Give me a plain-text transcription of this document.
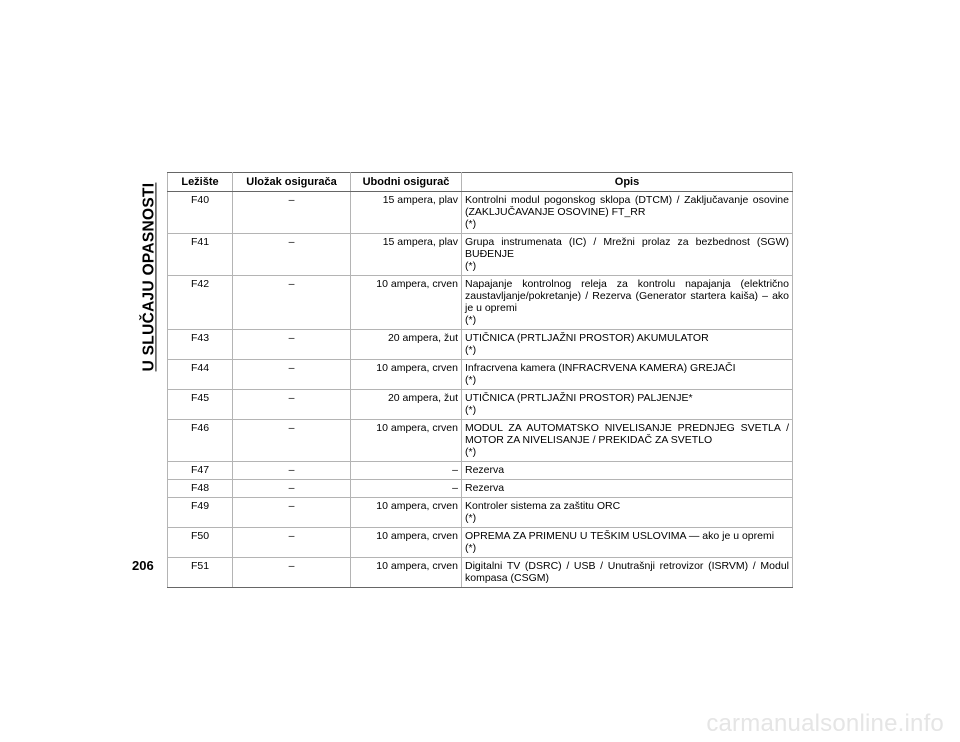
U SLUČAJU OPASNOSTI
206
Ležište	Uložak osigurača	Ubodni osigurač	Opis
F40	–	15 ampera, plav	Kontrolni modul pogonskog sklopa (DTCM) / Zaključavanje osovine (ZAKLJUČAVANJE OSOVINE) FT_RR
(*)

F41	–	15 ampera, plav	Grupa instrumenata (IC) / Mrežni prolaz za bezbednost (SGW) BUĐENJE
(*)

F42	–	10 ampera, crven	Napajanje kontrolnog releja za kontrolu napajanja (električno zaustavljanje/pokretanje) / Rezerva (Generator startera kaiša) – ako je u opremi
(*)

F43	–	20 ampera, žut	UTIČNICA (PRTLJAŽNI PROSTOR) AKUMULATOR
(*)

F44	–	10 ampera, crven	Infracrvena kamera (INFRACRVENA KAMERA) GREJAČI
(*)

F45	–	20 ampera, žut	UTIČNICA (PRTLJAŽNI PROSTOR) PALJENJE*
(*)

F46	–	10 ampera, crven	MODUL ZA AUTOMATSKO NIVELISANJE PREDNJEG SVETLA / MOTOR ZA NIVELISANJE / PREKIDAČ ZA SVETLO
(*)

F47	–	–	Rezerva

F48	–	–	Rezerva

F49	–	10 ampera, crven	Kontroler sistema za zaštitu ORC
(*)

F50	–	10 ampera, crven	OPREMA ZA PRIMENU U TEŠKIM USLOVIMA — ako je u opremi
(*)

F51	–	10 ampera, crven	Digitalni TV (DSRC) / USB / Unutrašnji retrovizor (ISRVM) / Modul kompasa (CSGM)
carmanualsonline.info
